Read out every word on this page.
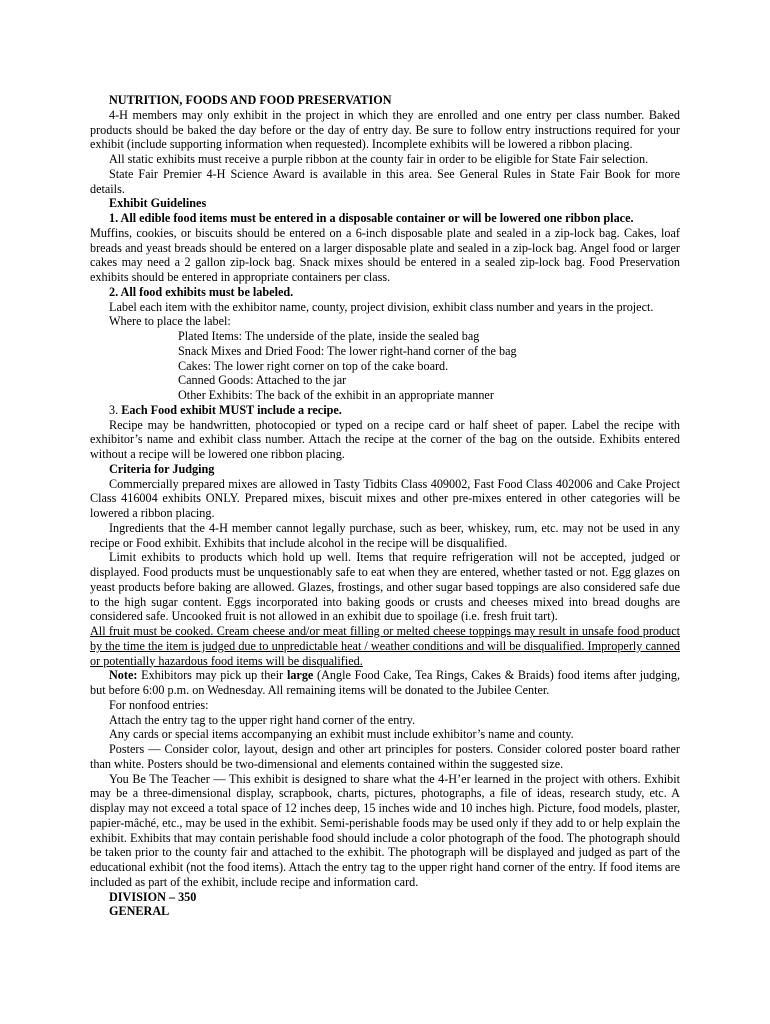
NUTRITION, FOODS AND FOOD PRESERVATION

4-H members may only exhibit in the project in which they are enrolled and one entry per class number. Baked products should be baked the day before or the day of entry day. Be sure to follow entry instructions required for your exhibit (include supporting information when requested). Incomplete exhibits will be lowered a ribbon placing.

All static exhibits must receive a purple ribbon at the county fair in order to be eligible for State Fair selection.

State Fair Premier 4-H Science Award is available in this area. See General Rules in State Fair Book for more details.

Exhibit Guidelines

1. All edible food items must be entered in a disposable container or will be lowered one ribbon place.

Muffins, cookies, or biscuits should be entered on a 6-inch disposable plate and sealed in a zip-lock bag. Cakes, loaf breads and yeast breads should be entered on a larger disposable plate and sealed in a zip-lock bag. Angel food or larger cakes may need a 2 gallon zip-lock bag. Snack mixes should be entered in a sealed zip-lock bag. Food Preservation exhibits should be entered in appropriate containers per class.

2. All food exhibits must be labeled.

Label each item with the exhibitor name, county, project division, exhibit class number and years in the project.

Where to place the label:

Plated Items: The underside of the plate, inside the sealed bag

Snack Mixes and Dried Food: The lower right-hand corner of the bag

Cakes: The lower right corner on top of the cake board.

Canned Goods: Attached to the jar

Other Exhibits: The back of the exhibit in an appropriate manner

3. Each Food exhibit MUST include a recipe.

Recipe may be handwritten, photocopied or typed on a recipe card or half sheet of paper. Label the recipe with exhibitor’s name and exhibit class number. Attach the recipe at the corner of the bag on the outside. Exhibits entered without a recipe will be lowered one ribbon placing.

Criteria for Judging

Commercially prepared mixes are allowed in Tasty Tidbits Class 409002, Fast Food Class 402006 and Cake Project Class 416004 exhibits ONLY. Prepared mixes, biscuit mixes and other pre-mixes entered in other categories will be lowered a ribbon placing.

Ingredients that the 4-H member cannot legally purchase, such as beer, whiskey, rum, etc. may not be used in any recipe or Food exhibit. Exhibits that include alcohol in the recipe will be disqualified.

Limit exhibits to products which hold up well. Items that require refrigeration will not be accepted, judged or displayed. Food products must be unquestionably safe to eat when they are entered, whether tasted or not. Egg glazes on yeast products before baking are allowed. Glazes, frostings, and other sugar based toppings are also considered safe due to the high sugar content. Eggs incorporated into baking goods or crusts and cheeses mixed into bread doughs are considered safe. Uncooked fruit is not allowed in an exhibit due to spoilage (i.e. fresh fruit tart).

All fruit must be cooked. Cream cheese and/or meat filling or melted cheese toppings may result in unsafe food product by the time the item is judged due to unpredictable heat / weather conditions and will be disqualified. Improperly canned or potentially hazardous food items will be disqualified.

Note: Exhibitors may pick up their large (Angle Food Cake, Tea Rings, Cakes & Braids) food items after judging, but before 6:00 p.m. on Wednesday. All remaining items will be donated to the Jubilee Center.

For nonfood entries:

Attach the entry tag to the upper right hand corner of the entry.

Any cards or special items accompanying an exhibit must include exhibitor’s name and county.

Posters — Consider color, layout, design and other art principles for posters. Consider colored poster board rather than white. Posters should be two-dimensional and elements contained within the suggested size.

You Be The Teacher — This exhibit is designed to share what the 4-H’er learned in the project with others. Exhibit may be a three-dimensional display, scrapbook, charts, pictures, photographs, a file of ideas, research study, etc. A display may not exceed a total space of 12 inches deep, 15 inches wide and 10 inches high. Picture, food models, plaster, papier-mâché, etc., may be used in the exhibit. Semi-perishable foods may be used only if they add to or help explain the exhibit. Exhibits that may contain perishable food should include a color photograph of the food. The photograph should be taken prior to the county fair and attached to the exhibit. The photograph will be displayed and judged as part of the educational exhibit (not the food items). Attach the entry tag to the upper right hand corner of the entry. If food items are included as part of the exhibit, include recipe and information card.

DIVISION – 350

GENERAL
